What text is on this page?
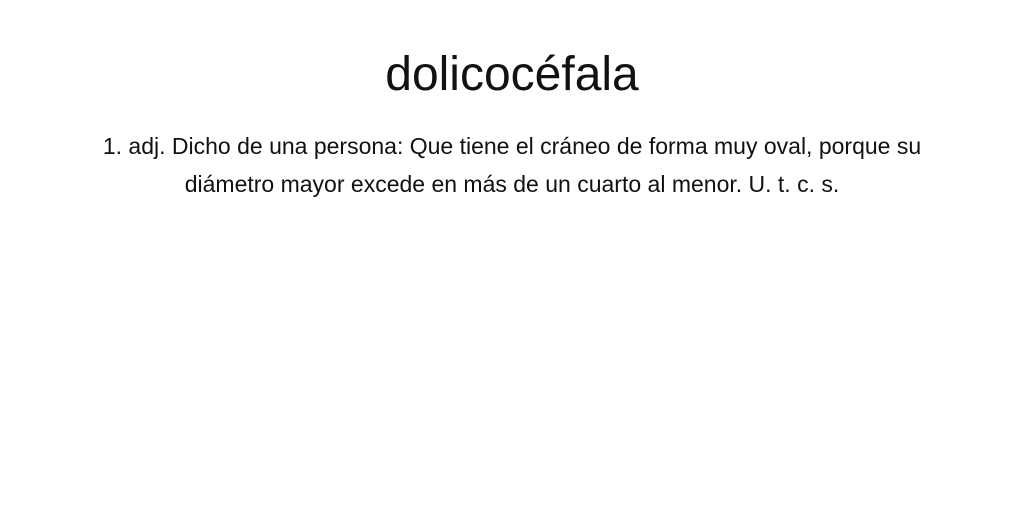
dolicocéfala

1. adj. Dicho de una persona: Que tiene el cráneo de forma muy oval, porque su diámetro mayor excede en más de un cuarto al menor. U. t. c. s.
